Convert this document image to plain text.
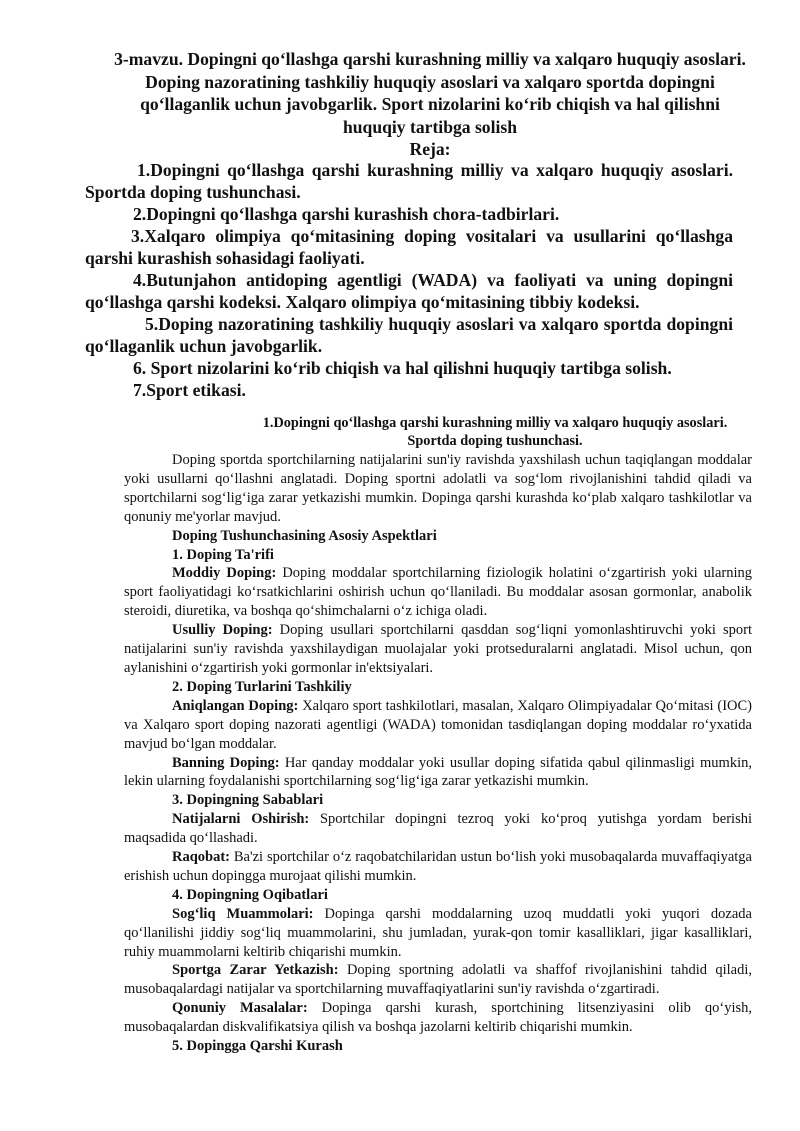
3-mavzu. Dopingni qo‘llashga qarshi kurashning milliy va xalqaro huquqiy asoslari. Doping nazoratining tashkiliy huquqiy asoslari va xalqaro sportda dopingni qo‘llaganlik uchun javobgarlik. Sport nizolarini ko‘rib chiqish va hal qilishni huquqiy tartibga solish
Reja:

1.Dopingni qo‘llashga qarshi kurashning milliy va xalqaro huquqiy asoslari. Sportda doping tushunchasi.

2.Dopingni qo‘llashga qarshi kurashish chora-tadbirlari.

3.Xalqaro olimpiya qo‘mitasining doping vositalari va usullarini qo‘llashga qarshi kurashish sohasidagi faoliyati.

4.Butunjahon antidoping agentligi (WADA) va faoliyati va uning dopingni qo‘llashga qarshi kodeksi. Xalqaro olimpiya qo‘mitasining tibbiy kodeksi.

5.Doping nazoratining tashkiliy huquqiy asoslari va xalqaro sportda dopingni qo‘llaganlik uchun javobgarlik.

6. Sport nizolarini ko‘rib chiqish va hal qilishni huquqiy tartibga solish.

7.Sport etikasi.

1.Dopingni qo‘llashga qarshi kurashning milliy va xalqaro huquqiy asoslari. Sportda doping tushunchasi.

Doping sportda sportchilarning natijalarini sun'iy ravishda yaxshilash uchun taqiqlangan moddalar yoki usullarni qo‘llashni anglatadi. Doping sportni adolatli va sog‘lom rivojlanishini tahdid qiladi va sportchilarni sog‘lig‘iga zarar yetkazishi mumkin. Dopinga qarshi kurashda ko‘plab xalqaro tashkilotlar va qonuniy me'yorlar mavjud.

Doping Tushunchasining Asosiy Aspektlari

1. Doping Ta'rifi

Moddiy Doping: Doping moddalar sportchilarning fiziologik holatini o‘zgartirish yoki ularning sport faoliyatidagi ko‘rsatkichlarini oshirish uchun qo‘llaniladi. Bu moddalar asosan gormonlar, anabolik steroidi, diuretika, va boshqa qo‘shimchalarni o‘z ichiga oladi.

Usulliy Doping: Doping usullari sportchilarni qasddan sog‘liqni yomonlashtiruvchi yoki sport natijalarini sun'iy ravishda yaxshilaydigan muolajalar yoki protseduralarni anglatadi. Misol uchun, qon aylanishini o‘zgartirish yoki gormonlar in'ektsiyalari.

2. Doping Turlarini Tashkiliy

Aniqlangan Doping: Xalqaro sport tashkilotlari, masalan, Xalqaro Olimpiyadalar Qo‘mitasi (IOC) va Xalqaro sport doping nazorati agentligi (WADA) tomonidan tasdiqlangan doping moddalar ro‘yxatida mavjud bo‘lgan moddalar.

Banning Doping: Har qanday moddalar yoki usullar doping sifatida qabul qilinmasligi mumkin, lekin ularning foydalanishi sportchilarning sog‘lig‘iga zarar yetkazishi mumkin.

3. Dopingning Sabablari

Natijalarni Oshirish: Sportchilar dopingni tezroq yoki ko‘proq yutishga yordam berishi maqsadida qo‘llashadi.

Raqobat: Ba'zi sportchilar o‘z raqobatchilaridan ustun bo‘lish yoki musobaqalarda muvaffaqiyatga erishish uchun dopingga murojaat qilishi mumkin.

4. Dopingning Oqibatlari

Sog‘liq Muammolari: Dopinga qarshi moddalarning uzoq muddatli yoki yuqori dozada qo‘llanilishi jiddiy sog‘liq muammolarini, shu jumladan, yurak-qon tomir kasalliklari, jigar kasalliklari, ruhiy muammolarni keltirib chiqarishi mumkin.

Sportga Zarar Yetkazish: Doping sportning adolatli va shaffof rivojlanishini tahdid qiladi, musobaqalardagi natijalar va sportchilarning muvaffaqiyatlarini sun'iy ravishda o‘zgartiradi.

Qonuniy Masalalar: Dopinga qarshi kurash, sportchining litsenziyasini olib qo‘yish, musobaqalardan diskvalifikatsiya qilish va boshqa jazolarni keltirib chiqarishi mumkin.

5. Dopingga Qarshi Kurash
